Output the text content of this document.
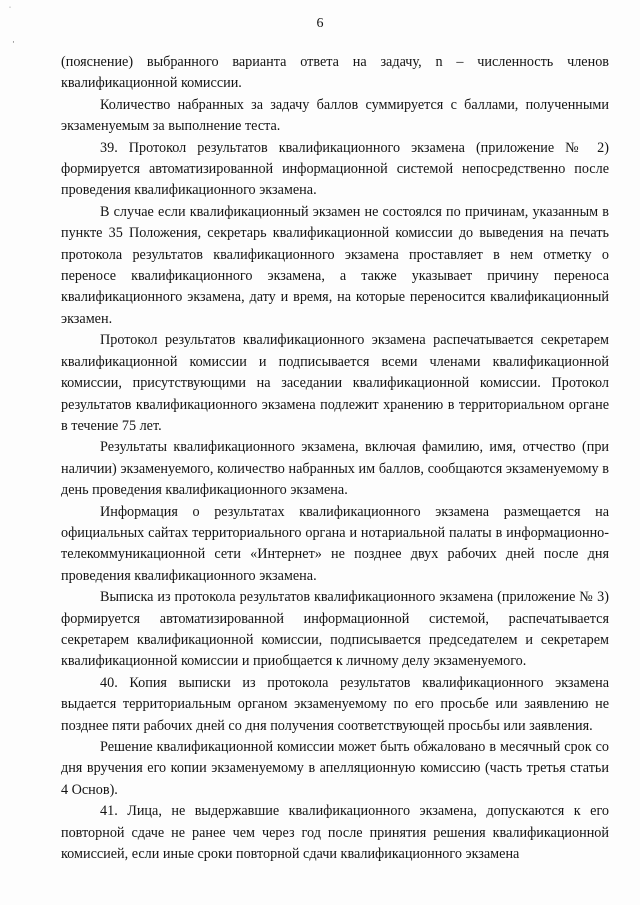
˙
·
6

(пояснение) выбранного варианта ответа на задачу, n – численность членов квалификационной комиссии.

Количество набранных за задачу баллов суммируется с баллами, полученными экзаменуемым за выполнение теста.

39. Протокол результатов квалификационного экзамена (приложение № 2) формируется автоматизированной информационной системой непосредственно после проведения квалификационного экзамена.

В случае если квалификационный экзамен не состоялся по причинам, указанным в пункте 35 Положения, секретарь квалификационной комиссии до выведения на печать протокола результатов квалификационного экзамена проставляет в нем отметку о переносе квалификационного экзамена, а также указывает причину переноса квалификационного экзамена, дату и время, на которые переносится квалификационный экзамен.

Протокол результатов квалификационного экзамена распечатывается секретарем квалификационной комиссии и подписывается всеми членами квалификационной комиссии, присутствующими на заседании квалификационной комиссии. Протокол результатов квалификационного экзамена подлежит хранению в территориальном органе в течение 75 лет.

Результаты квалификационного экзамена, включая фамилию, имя, отчество (при наличии) экзаменуемого, количество набранных им баллов, сообщаются экзаменуемому в день проведения квалификационного экзамена.

Информация о результатах квалификационного экзамена размещается на официальных сайтах территориального органа и нотариальной палаты в информационно-телекоммуникационной сети «Интернет» не позднее двух рабочих дней после дня проведения квалификационного экзамена.

Выписка из протокола результатов квалификационного экзамена (приложение № 3) формируется автоматизированной информационной системой, распечатывается секретарем квалификационной комиссии, подписывается председателем и секретарем квалификационной комиссии и приобщается к личному делу экзаменуемого.

40. Копия выписки из протокола результатов квалификационного экзамена выдается территориальным органом экзаменуемому по его просьбе или заявлению не позднее пяти рабочих дней со дня получения соответствующей просьбы или заявления.

Решение квалификационной комиссии может быть обжаловано в месячный срок со дня вручения его копии экзаменуемому в апелляционную комиссию (часть третья статьи 4 Основ).

41. Лица, не выдержавшие квалификационного экзамена, допускаются к его повторной сдаче не ранее чем через год после принятия решения квалификационной комиссией, если иные сроки повторной сдачи квалификационного экзамена
